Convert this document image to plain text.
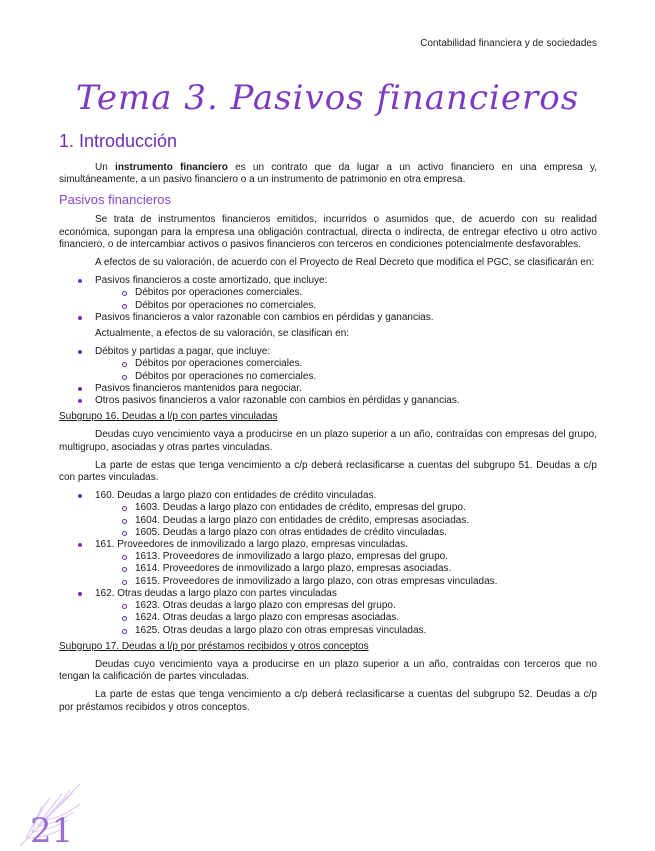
Contabilidad financiera y de sociedades
Tema 3. Pasivos financieros
1. Introducción

Un instrumento financiero es un contrato que da lugar a un activo financiero en una empresa y, simultáneamente, a un pasivo financiero o a un instrumento de patrimonio en otra empresa.

Pasivos financieros

Se trata de instrumentos financieros emitidos, incurridos o asumidos que, de acuerdo con su realidad económica, supongan para la empresa una obligación contractual, directa o indirecta, de entregar efectivo u otro activo financiero, o de intercambiar activos o pasivos financieros con terceros en condiciones potencialmente desfavorables.

A efectos de su valoración, de acuerdo con el Proyecto de Real Decreto que modifica el PGC, se clasificarán en:

Pasivos financieros a coste amortizado, que incluye:
Débitos por operaciones comerciales.
Débitos por operaciones no comerciales.
Pasivos financieros a valor razonable con cambios en pérdidas y ganancias.

Actualmente, a efectos de su valoración, se clasifican en:

Débitos y partidas a pagar, que incluye:
Débitos por operaciones comerciales.
Débitos por operaciones no comerciales.
Pasivos financieros mantenidos para negociar.
Otros pasivos financieros a valor razonable con cambios en pérdidas y ganancias.
Subgrupo 16. Deudas a l/p con partes vinculadas

Deudas cuyo vencimiento vaya a producirse en un plazo superior a un año, contraídas con empresas del grupo, multigrupo, asociadas y otras partes vinculadas.

La parte de estas que tenga vencimiento a c/p deberá reclasificarse a cuentas del subgrupo 51. Deudas a c/p con partes vinculadas.

160. Deudas a largo plazo con entidades de crédito vinculadas.
1603. Deudas a largo plazo con entidades de crédito, empresas del grupo.
1604. Deudas a largo plazo con entidades de crédito, empresas asociadas.
1605. Deudas a largo plazo con otras entidades de crédito vinculadas.
161. Proveedores de inmovilizado a largo plazo, empresas vinculadas.
1613. Proveedores de inmovilizado a largo plazo, empresas del grupo.
1614. Proveedores de inmovilizado a largo plazo, empresas asociadas.
1615. Proveedores de inmovilizado a largo plazo, con otras empresas vinculadas.
162. Otras deudas a largo plazo con partes vinculadas
1623. Otras deudas a largo plazo con empresas del grupo.
1624. Otras deudas a largo plazo con empresas asociadas.
1625. Otras deudas a largo plazo con otras empresas vinculadas.
Subgrupo 17. Deudas a l/p por préstamos recibidos y otros conceptos

Deudas cuyo vencimiento vaya a producirse en un plazo superior a un año, contraídas con terceros que no tengan la calificación de partes vinculadas.

La parte de estas que tenga vencimiento a c/p deberá reclasificarse a cuentas del subgrupo 52. Deudas a c/p por préstamos recibidos y otros conceptos.

21
